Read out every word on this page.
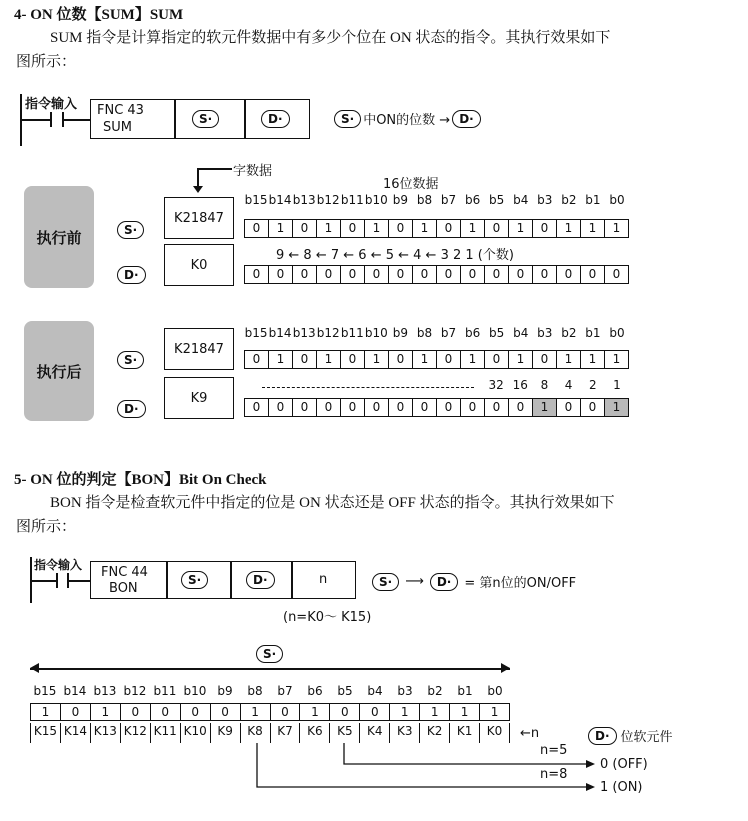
4- ON 位数【SUM】SUM
SUM 指令是计算指定的软元件数据中有多少个位在 ON 状态的指令。其执行效果如下
图所示：
指令输入 FNC 43
SUM
S·	D·	S· 中ON的位数 → D·
字数据
16位数据
执行前	S·
D·
K21847
K0
b15 b14 b13 b12 b11 b10 b9 b8 b7 b6 b5 b4 b3 b2 b1 b0
0	1	0	1	0	1	0	1	0	1	0	1	0	1	1	1
9 ← 8 ← 7 ← 6 ← 5 ← 4 ← 3 2 1 (个数)
0	0	0	0	0	0	0	0	0	0	0	0	0	0	0	0
执行后
S·
D·
K21847
K9
b15 b14 b13 b12 b11 b10 b9 b8 b7 b6 b5 b4 b3 b2 b1 b0
0	1	0	1	0	1	0	1	0	1	0	1	0	1	1	1
32 16	8	4	2	1
0	0	0	0	0	0	0	0	0	0	0	0	1	0	0	1
5- ON 位的判定【BON】Bit On Check
BON 指令是检查软元件中指定的位是 ON 状态还是 OFF 状态的指令。其执行效果如下
图所示：
指令输入 FNC 44
BON
S·	D·	n	S·	⟶	D·	= 第n位的ON/OFF
(n=K0～ K15)
S·
b15 b14 b13 b12 b11 b10 b9	b8	b7	b6	b5	b4	b3	b2	b1	b0
1	0	1	0	0	0	0	1	0	1	0	0	1	1	1	1
K15 K14 K13 K12 K11 K10 K9	K8	K7	K6	K5	K4	K3	K2	K1	K0	←n	D· 位软元件
n=5
n=8
0 (OFF)
1 (ON)
